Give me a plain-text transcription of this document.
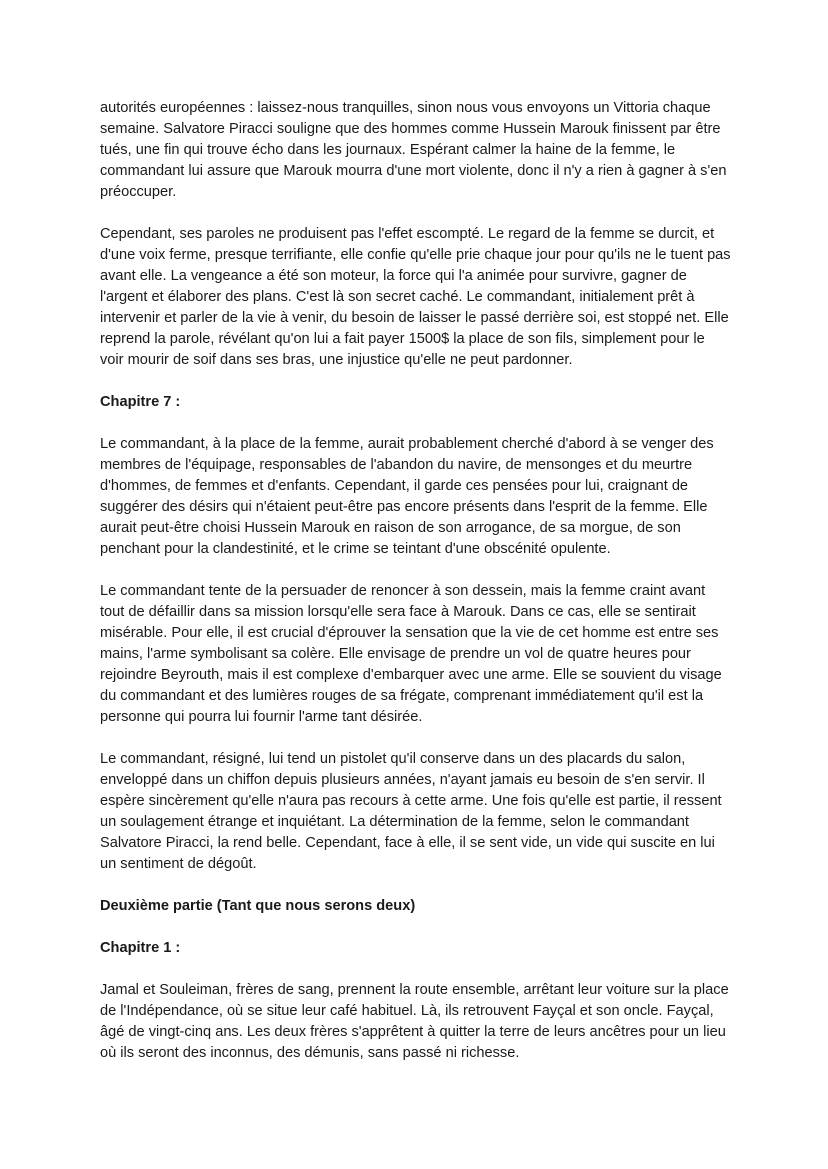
autorités européennes : laissez-nous tranquilles, sinon nous vous envoyons un Vittoria chaque semaine. Salvatore Piracci souligne que des hommes comme Hussein Marouk finissent par être tués, une fin qui trouve écho dans les journaux. Espérant calmer la haine de la femme, le commandant lui assure que Marouk mourra d'une mort violente, donc il n'y a rien à gagner à s'en préoccuper.

Cependant, ses paroles ne produisent pas l'effet escompté. Le regard de la femme se durcit, et d'une voix ferme, presque terrifiante, elle confie qu'elle prie chaque jour pour qu'ils ne le tuent pas avant elle. La vengeance a été son moteur, la force qui l'a animée pour survivre, gagner de l'argent et élaborer des plans. C'est là son secret caché. Le commandant, initialement prêt à intervenir et parler de la vie à venir, du besoin de laisser le passé derrière soi, est stoppé net. Elle reprend la parole, révélant qu'on lui a fait payer 1500$ la place de son fils, simplement pour le voir mourir de soif dans ses bras, une injustice qu'elle ne peut pardonner.

Chapitre 7 :

Le commandant, à la place de la femme, aurait probablement cherché d'abord à se venger des membres de l'équipage, responsables de l'abandon du navire, de mensonges et du meurtre d'hommes, de femmes et d'enfants. Cependant, il garde ces pensées pour lui, craignant de suggérer des désirs qui n'étaient peut-être pas encore présents dans l'esprit de la femme. Elle aurait peut-être choisi Hussein Marouk en raison de son arrogance, de sa morgue, de son penchant pour la clandestinité, et le crime se teintant d'une obscénité opulente.

Le commandant tente de la persuader de renoncer à son dessein, mais la femme craint avant tout de défaillir dans sa mission lorsqu'elle sera face à Marouk. Dans ce cas, elle se sentirait misérable. Pour elle, il est crucial d'éprouver la sensation que la vie de cet homme est entre ses mains, l'arme symbolisant sa colère. Elle envisage de prendre un vol de quatre heures pour rejoindre Beyrouth, mais il est complexe d'embarquer avec une arme. Elle se souvient du visage du commandant et des lumières rouges de sa frégate, comprenant immédiatement qu'il est la personne qui pourra lui fournir l'arme tant désirée.

Le commandant, résigné, lui tend un pistolet qu'il conserve dans un des placards du salon, enveloppé dans un chiffon depuis plusieurs années, n'ayant jamais eu besoin de s'en servir. Il espère sincèrement qu'elle n'aura pas recours à cette arme. Une fois qu'elle est partie, il ressent un soulagement étrange et inquiétant. La détermination de la femme, selon le commandant Salvatore Piracci, la rend belle. Cependant, face à elle, il se sent vide, un vide qui suscite en lui un sentiment de dégoût.

Deuxième partie (Tant que nous serons deux)

Chapitre 1 :

Jamal et Souleiman, frères de sang, prennent la route ensemble, arrêtant leur voiture sur la place de l'Indépendance, où se situe leur café habituel. Là, ils retrouvent Fayçal et son oncle. Fayçal, âgé de vingt-cinq ans. Les deux frères s'apprêtent à quitter la terre de leurs ancêtres pour un lieu où ils seront des inconnus, des démunis, sans passé ni richesse.
